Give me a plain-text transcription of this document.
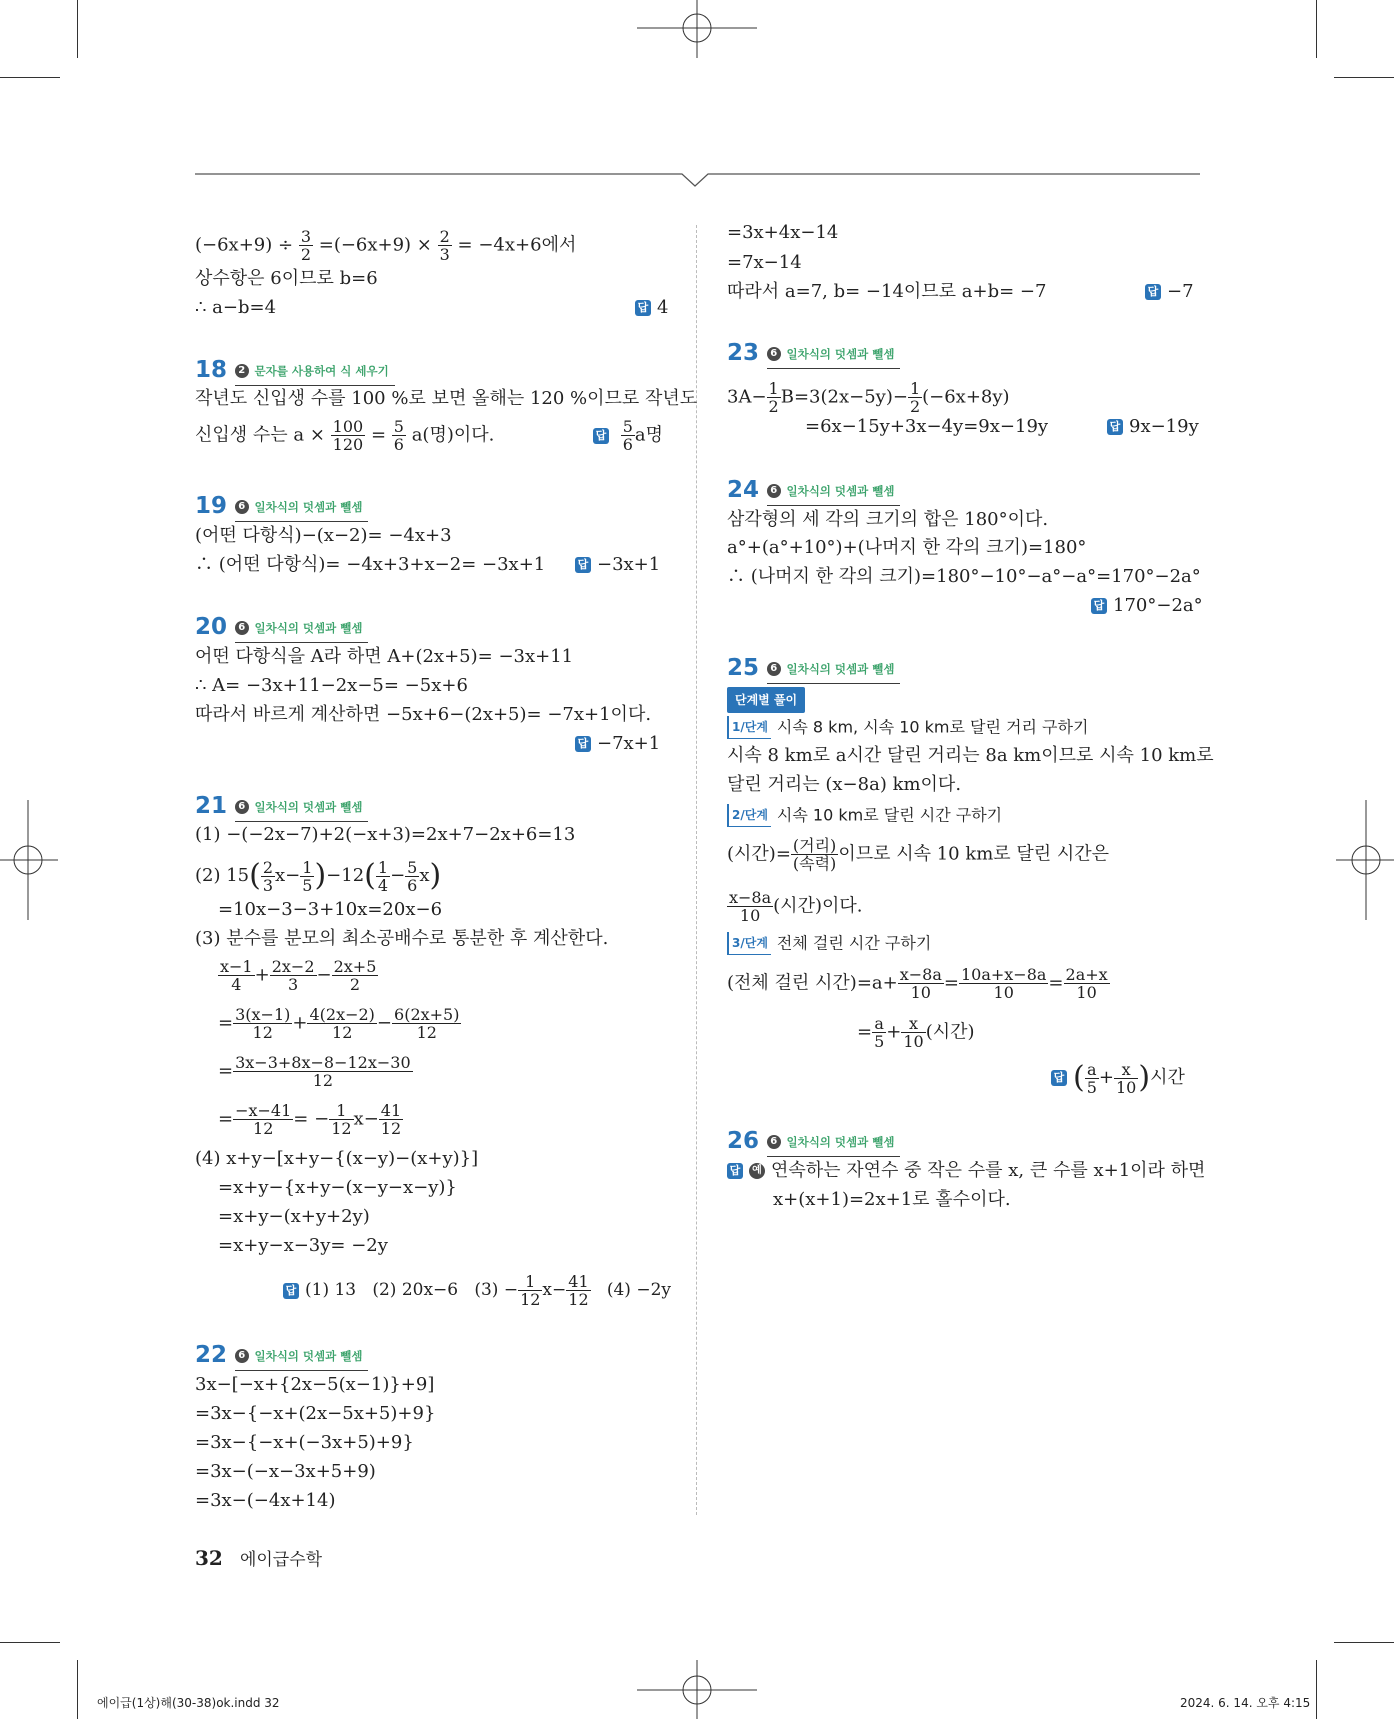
$(-6x+9) \div \frac{3}{2} =(-6x+9) \times \frac{2}{3} = -4x+6$에서
상수항은 6이므로 b=6
∴ a−b=4	답 4
18 2 문자를 사용하여 식 세우기
작년도 신입생 수를 100 %로 보면 올해는 120 %이므로 작년도
신입생 수는 $a \times \frac{100}{120} = \frac{5}{6} a$(명)이다.	답 $\frac{5}{6}$ a명
19 6 일차식의 덧셈과 뺄셈
(어떤 다항식)−(x−2)= −4x+3
∴ (어떤 다항식)= −4x+3+x−2= −3x+1	답 −3x+1
20 6 일차식의 덧셈과 뺄셈
어떤 다항식을 A라 하면 A+(2x+5)= −3x+11
∴ A= −3x+11−2x−5= −5x+6
따라서 바르게 계산하면 −5x+6−(2x+5)= −7x+1이다.
답 −7x+1
21 6 일차식의 덧셈과 뺄셈
(1) −(−2x−7)+2(−x+3)=2x+7−2x+6=13
(2) $15( \frac{2}{3} x- \frac{1}{5} )-12( \frac{1}{4} - \frac{5}{6} x)$
=10x−3−3+10x=20x−6
(3) 분수를 분모의 최소공배수로 통분한 후 계산한다.
$\frac{x-1}{4} + \frac{2x-2}{3} - \frac{2x+5}{2}$
= $\frac{3(x-1)}{12} + \frac{4(2x-2)}{12} - \frac{6(2x+5)}{12}$
= $\frac{3x-3+8x-8-12x-30}{12}$
= $\frac{-x-41}{12}$ = − $\frac{1}{12} x- \frac{41}{12}$
(4) x+y−[x+y−{(x−y)−(x+y)}]
=x+y−{x+y−(x−y−x−y)}
=x+y−(x+y+2y)
=x+y−x−3y= −2y
답 (1) 13 (2) 20x−6 $(3) - \frac{1}{12} x- \frac{41}{12} (4) -2y$
22 6 일차식의 덧셈과 뺄셈
3x−[−x+{2x−5(x−1)}+9]
=3x−{−x+(2x−5x+5)+9}
=3x−{−x+(−3x+5)+9}
=3x−(−x−3x+5+9)
=3x−(−4x+14)
=3x+4x−14
=7x−14
따라서 a=7, b= −14이므로 a+b= −7	답 −7
23 6 일차식의 덧셈과 뺄셈
$3A- \frac{1}{2} B=3(2x-5y)- \frac{1}{2} (-6x+8y)$
=6x−15y+3x−4y=9x−19y	답 9x−19y
24 6 일차식의 덧셈과 뺄셈
삼각형의 세 각의 크기의 합은 180°이다.
a°+(a°+10°)+(나머지 한 각의 크기)=180°
∴ (나머지 한 각의 크기)=180°−10°−a°−a°=170°−2a°
답 170°−2a°
25 6 일차식의 덧셈과 뺄셈
단계별 풀이
1/단계 시속 8 km, 시속 10 km로 달린 거리 구하기
시속 8 km로 a시간 달린 거리는 8a km이므로 시속 10 km로
달린 거리는 (x−8a) km이다.
2/단계 시속 10 km로 달린 시간 구하기
(시간)= $\frac{\text{(거리)}}{\text{(속력)}}$ 이므로 시속 10 km로 달린 시간은
$\frac{x-8a}{10}$ (시간)이다.
3/단계 전체 걸린 시간 구하기
(전체 걸린 시간)$=a+ \frac{x-8a}{10} = \frac{10a+x-8a}{10} = \frac{2a+x}{10}$
= $\frac{a}{5} + \frac{x}{10}$ (시간)
답 ( $\frac{a}{5} + \frac{x}{10}$ )시간
26 6 일차식의 덧셈과 뺄셈
답 예 연속하는 자연수 중 작은 수를 x, 큰 수를 x+1이라 하면
x+(x+1)=2x+1로 홀수이다.
32 에이급수학
에이급(1상)해(30-38)ok.indd 32	2024. 6. 14. 오후 4:15
